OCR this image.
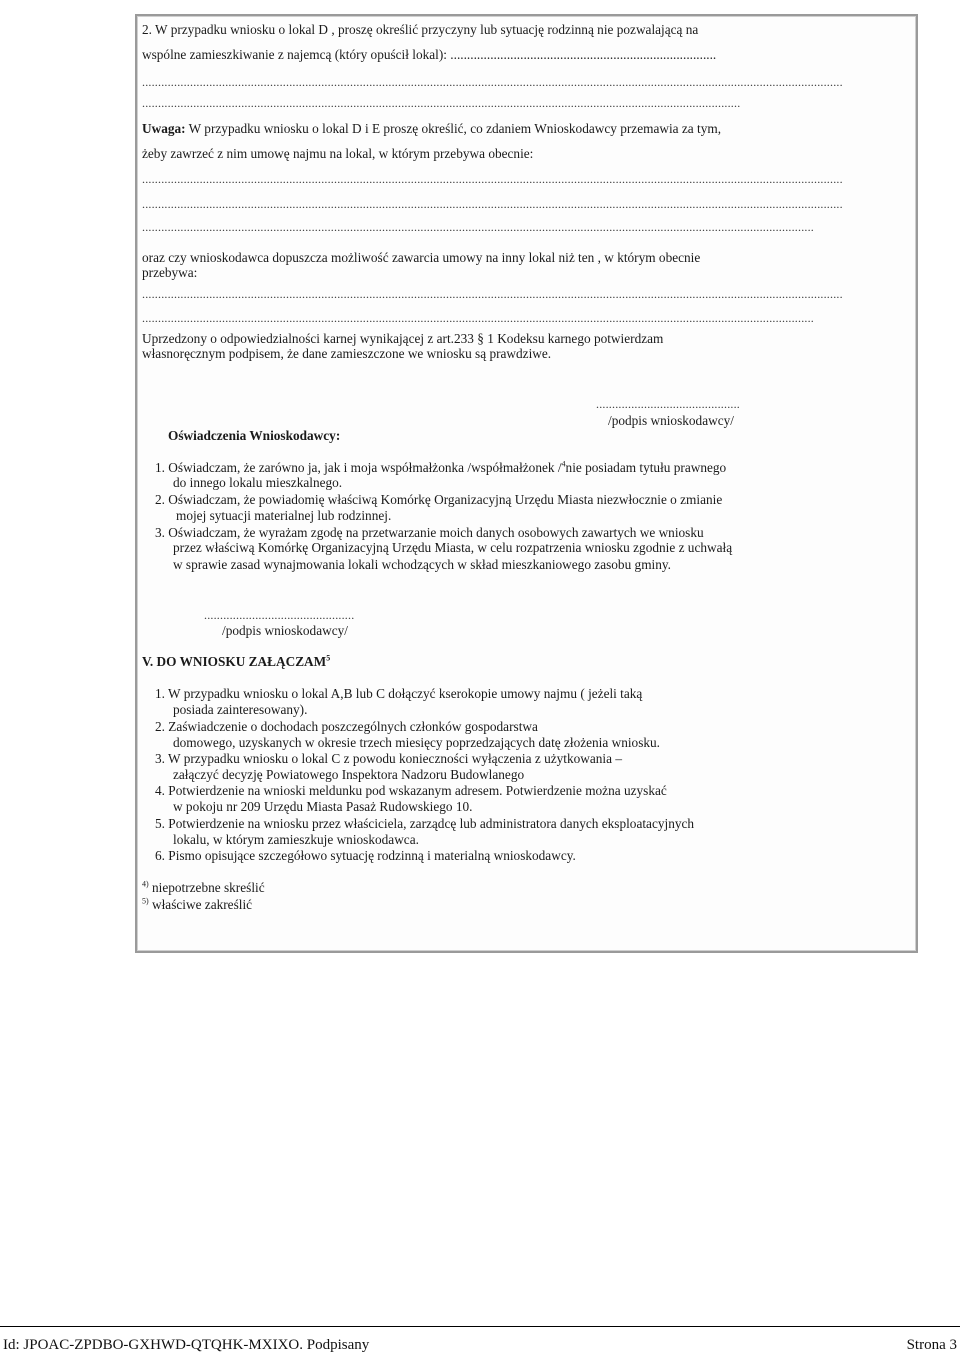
2. W przypadku wniosku o lokal D , proszę określić przyczyny lub sytuację rodzinną nie pozwalającą na
wspólne zamieszkiwanie z najemcą (który opuścił lokal): ................................................................................
...........................................................................................................................................................................................................................
...........................................................................................................................................................................................
Uwaga: W przypadku wniosku o lokal D i E proszę określić, co zdaniem Wnioskodawcy przemawia za tym,
żeby zawrzeć z nim umowę najmu na lokal, w którym przebywa obecnie:
...........................................................................................................................................................................................................................
...........................................................................................................................................................................................................................
..................................................................................................................................................................................................................
oraz czy wnioskodawca dopuszcza możliwość zawarcia umowy na inny lokal niż ten , w którym obecnie
przebywa:
...........................................................................................................................................................................................................................
..................................................................................................................................................................................................................
Uprzedzony o odpowiedzialności karnej wynikającej z art.233 § 1 Kodeksu karnego potwierdzam
własnoręcznym podpisem, że dane zamieszczone we wniosku są prawdziwe.
.............................................
/podpis wnioskodawcy/
Oświadczenia Wnioskodawcy:
1. Oświadczam, że zarówno ja, jak i moja współmałżonka /współmałżonek /$^4$nie posiadam tytułu prawnego
do innego lokalu mieszkalnego.
2. Oświadczam, że powiadomię właściwą Komórkę Organizacyjną Urzędu Miasta niezwłocznie o zmianie
mojej sytuacji materialnej lub rodzinnej.
3. Oświadczam, że wyrażam zgodę na przetwarzanie moich danych osobowych zawartych we wniosku
przez właściwą Komórkę Organizacyjną Urzędu Miasta, w celu rozpatrzenia wniosku zgodnie z uchwałą
w sprawie zasad wynajmowania lokali wchodzących w skład mieszkaniowego zasobu gminy.
...............................................
/podpis wnioskodawcy/
V. DO WNIOSKU ZAŁĄCZAM$^5$
1. W przypadku wniosku o lokal A,B lub C dołączyć kserokopie umowy najmu ( jeżeli taką
posiada zainteresowany).
2. Zaświadczenie o dochodach poszczególnych członków gospodarstwa
domowego, uzyskanych w okresie trzech miesięcy poprzedzających datę złożenia wniosku.
3. W przypadku wniosku o lokal C z powodu konieczności wyłączenia z użytkowania –
załączyć decyzję Powiatowego Inspektora Nadzoru Budowlanego
4. Potwierdzenie na wnioski meldunku pod wskazanym adresem. Potwierdzenie można uzyskać
w pokoju nr 209 Urzędu Miasta Pasaż Rudowskiego 10.
5. Potwierdzenie na wniosku przez właściciela, zarządcę lub administratora danych eksploatacyjnych
lokalu, w którym zamieszkuje wnioskodawca.
6. Pismo opisujące szczegółowo sytuację rodzinną i materialną wnioskodawcy.
$^{4)}$ niepotrzebne skreślić
$^{5)}$ właściwe zakreślić
Id: JPOAC-ZPDBO-GXHWD-QTQHK-MXIXO. Podpisany	Strona 3
